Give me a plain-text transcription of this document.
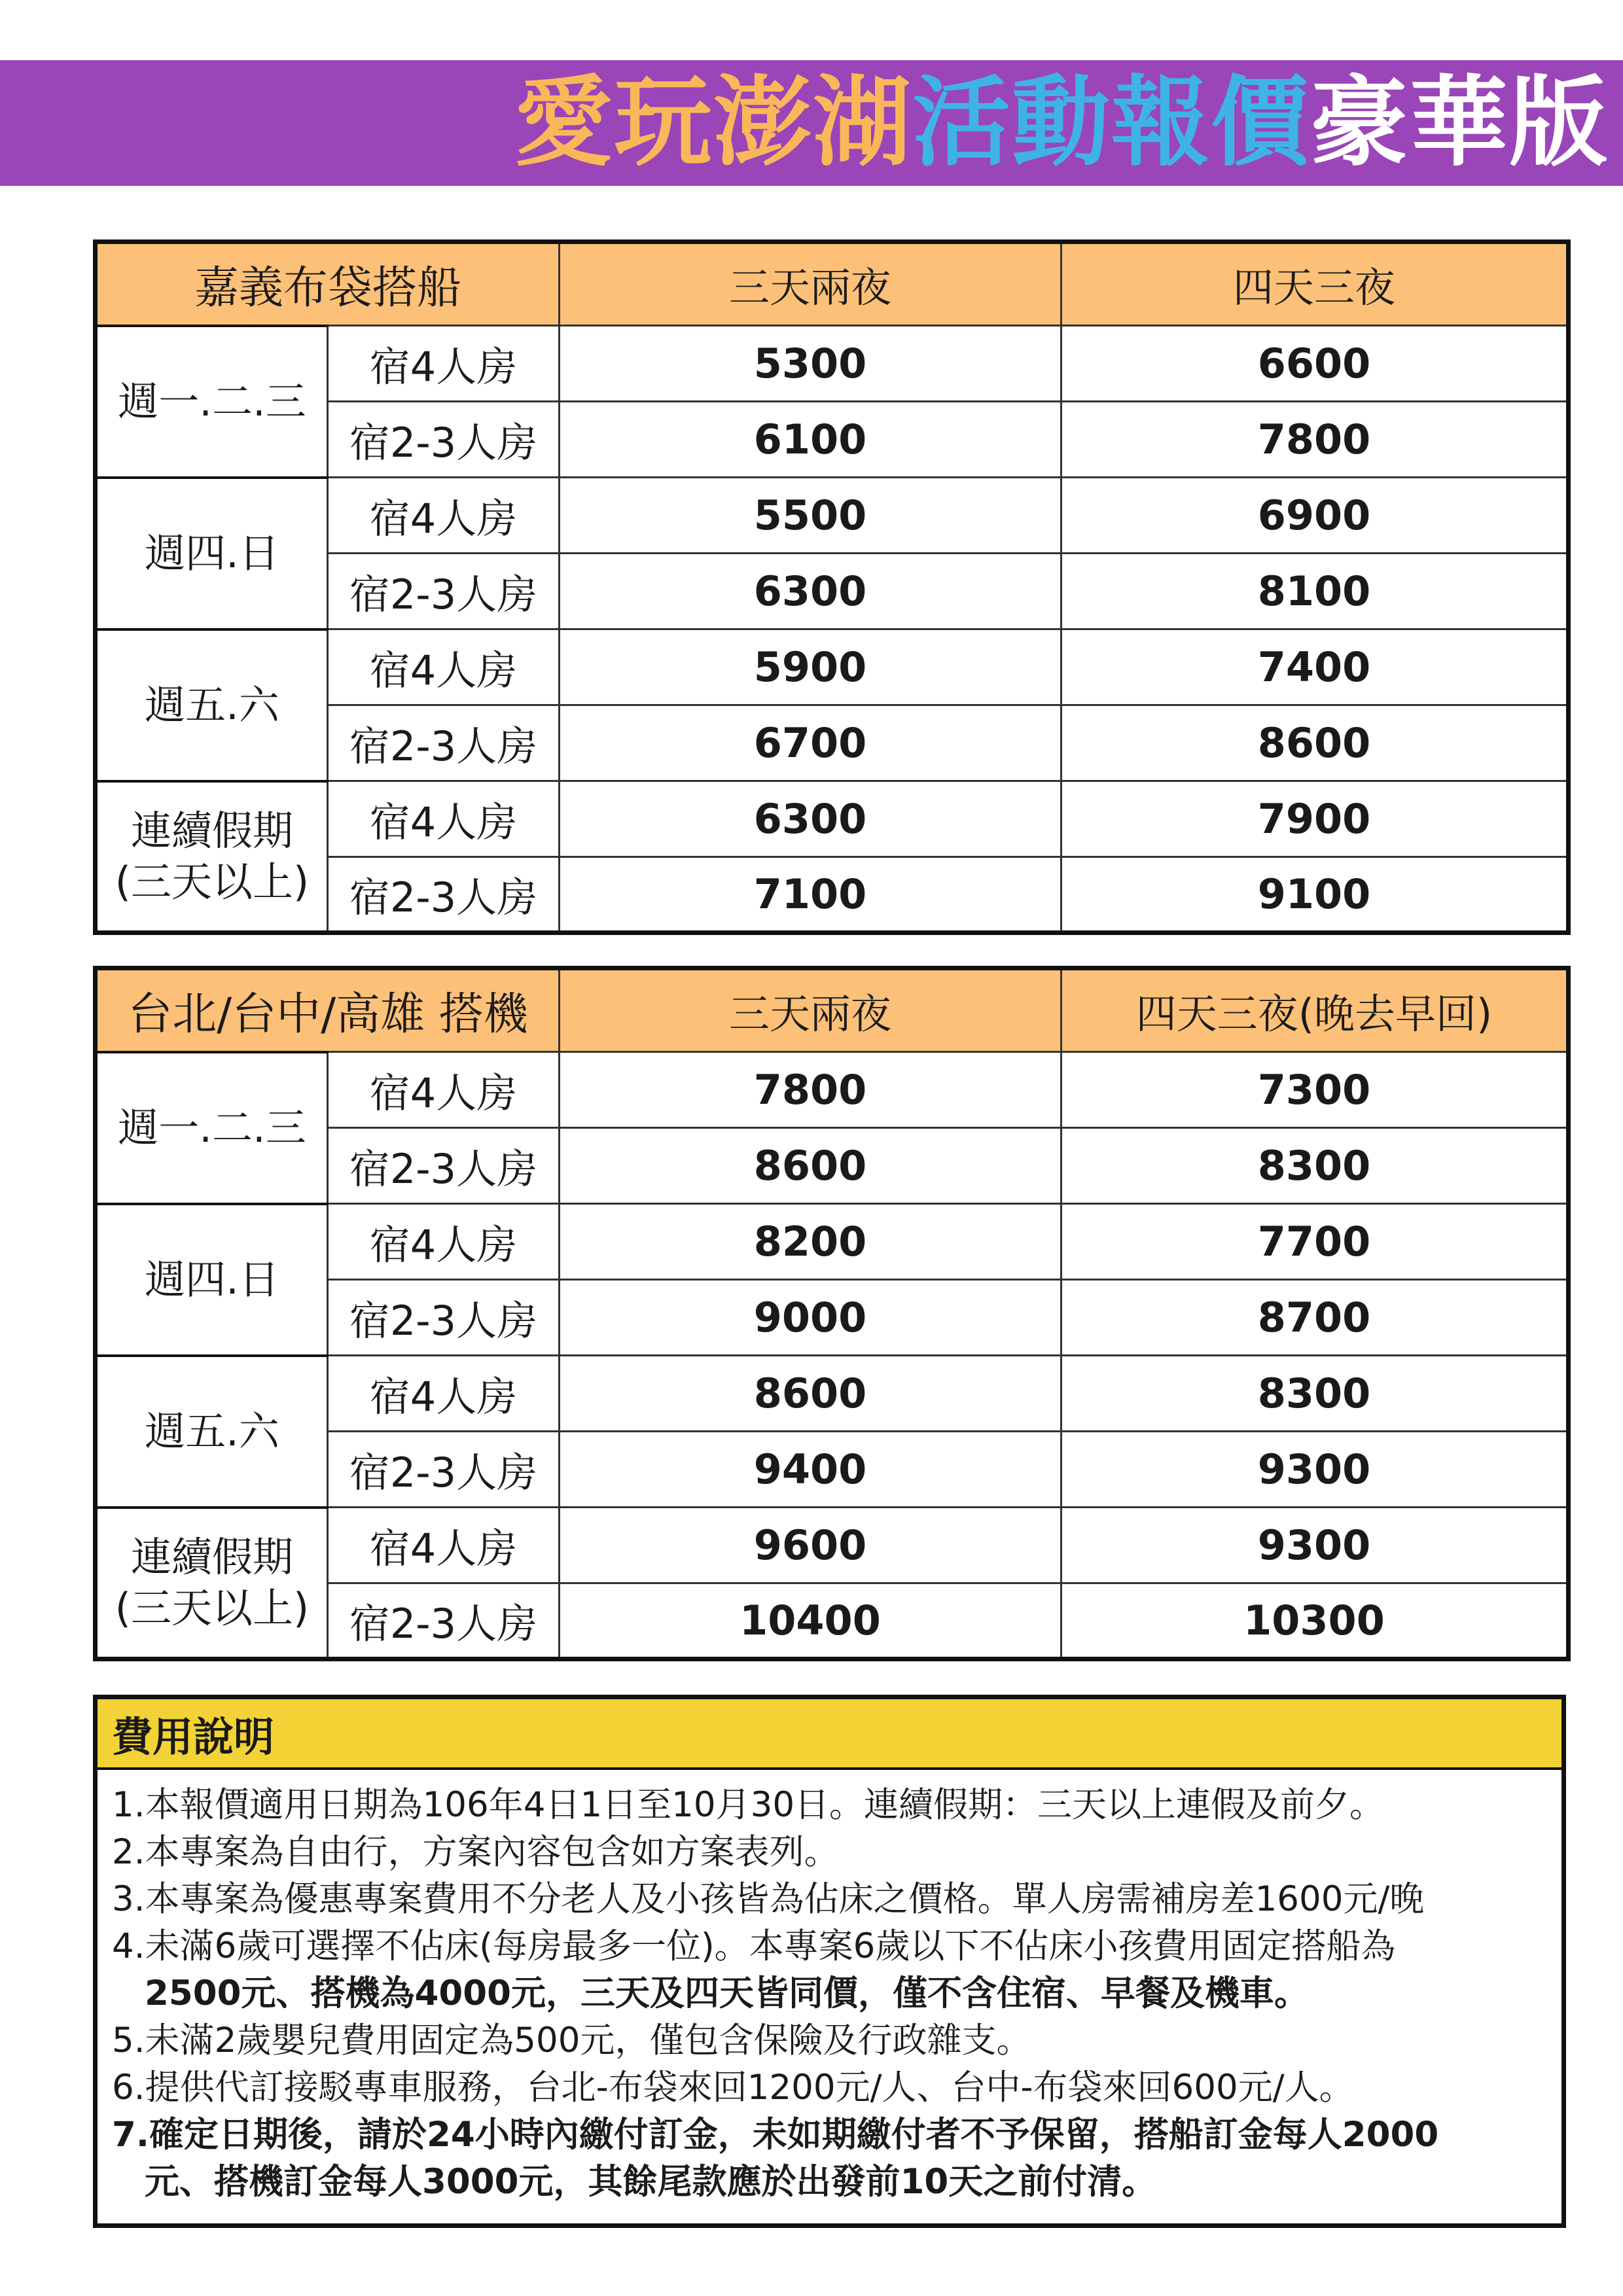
愛玩澎湖 活動報價 豪華版
嘉義布袋搭船		三天兩夜	四天三夜
週一.二.三	宿4人房	5300	6600
	宿2-3人房	6100	7800
週四.日	宿4人房	5500	6900
	宿2-3人房	6300	8100
週五.六	宿4人房	5900	7400
	宿2-3人房	6700	8600
連續假期
(三天以上)	宿4人房	6300	7900
	宿2-3人房	7100	9100
台北/台中/高雄 搭機		三天兩夜	四天三夜(晚去早回)
週一.二.三	宿4人房	7800	7300
	宿2-3人房	8600	8300
週四.日	宿4人房	8200	7700
	宿2-3人房	9000	8700
週五.六	宿4人房	8600	8300
	宿2-3人房	9400	9300
連續假期
(三天以上)	宿4人房	9600	9300
	宿2-3人房	10400	10300
費用說明
1.本報價適用日期為106年4日1日至10月30日。連續假期：三天以上連假及前夕。
2.本專案為自由行，方案內容包含如方案表列。
3.本專案為優惠專案費用不分老人及小孩皆為佔床之價格。單人房需補房差1600元/晚
4.未滿6歲可選擇不佔床(每房最多一位)。本專案6歲以下不佔床小孩費用固定搭船為
2500元、搭機為4000元，三天及四天皆同價，僅不含住宿、早餐及機車。
5.未滿2歲嬰兒費用固定為500元，僅包含保險及行政雜支。
6.提供代訂接駁專車服務，台北-布袋來回1200元/人、台中-布袋來回600元/人。
7.確定日期後，請於24小時內繳付訂金，未如期繳付者不予保留，搭船訂金每人2000
元、搭機訂金每人3000元，其餘尾款應於出發前10天之前付清。
